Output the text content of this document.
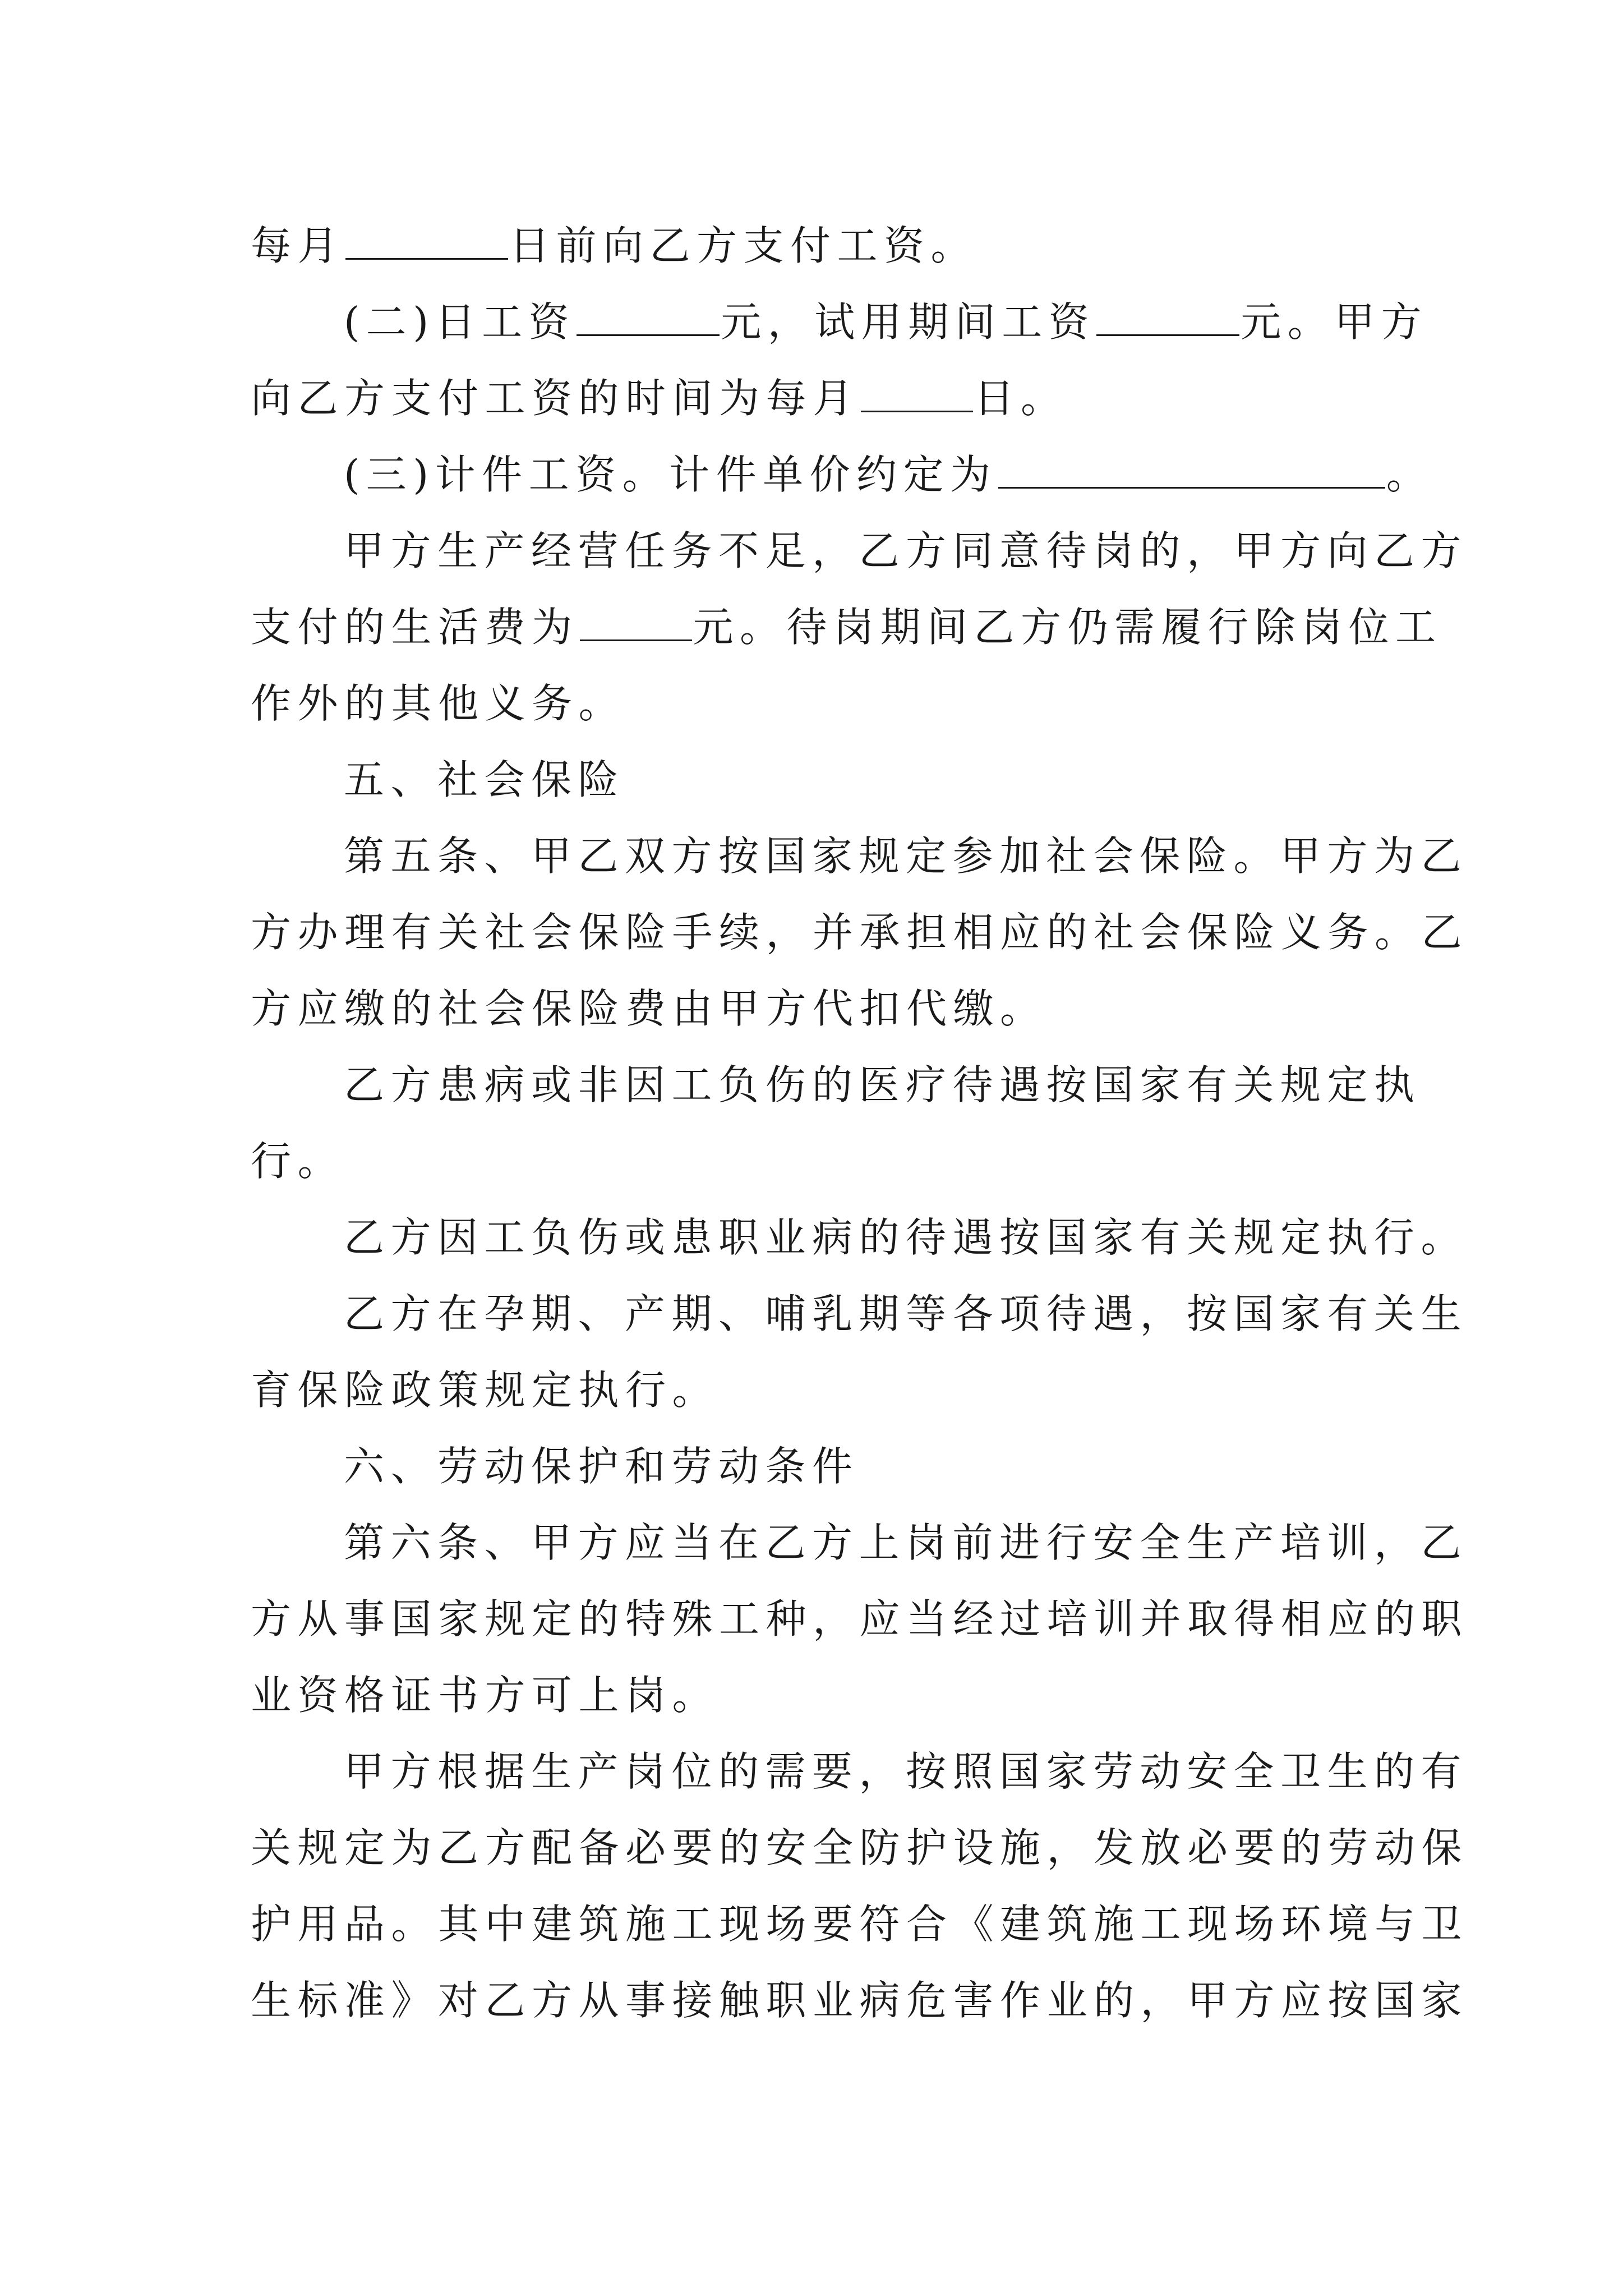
每月	日前向乙方支付工资。
(二)日工资	元，试用期间工资	元。甲方
向乙方支付工资的时间为每月	日。
(三)计件工资。计件单价约定为	。
甲方生产经营任务不足，乙方同意待岗的，甲方向乙方
支付的生活费为	元。待岗期间乙方仍需履行除岗位工
作外的其他义务。
五、社会保险
第五条、甲乙双方按国家规定参加社会保险。甲方为乙
方办理有关社会保险手续，并承担相应的社会保险义务。乙
方应缴的社会保险费由甲方代扣代缴。
乙方患病或非因工负伤的医疗待遇按国家有关规定执
行。
乙方因工负伤或患职业病的待遇按国家有关规定执行。
乙方在孕期、产期、哺乳期等各项待遇，按国家有关生
育保险政策规定执行。
六、劳动保护和劳动条件
第六条、甲方应当在乙方上岗前进行安全生产培训，乙
方从事国家规定的特殊工种，应当经过培训并取得相应的职
业资格证书方可上岗。
甲方根据生产岗位的需要，按照国家劳动安全卫生的有
关规定为乙方配备必要的安全防护设施，发放必要的劳动保
护用品。其中建筑施工现场要符合《建筑施工现场环境与卫
生标准》对乙方从事接触职业病危害作业的，甲方应按国家
